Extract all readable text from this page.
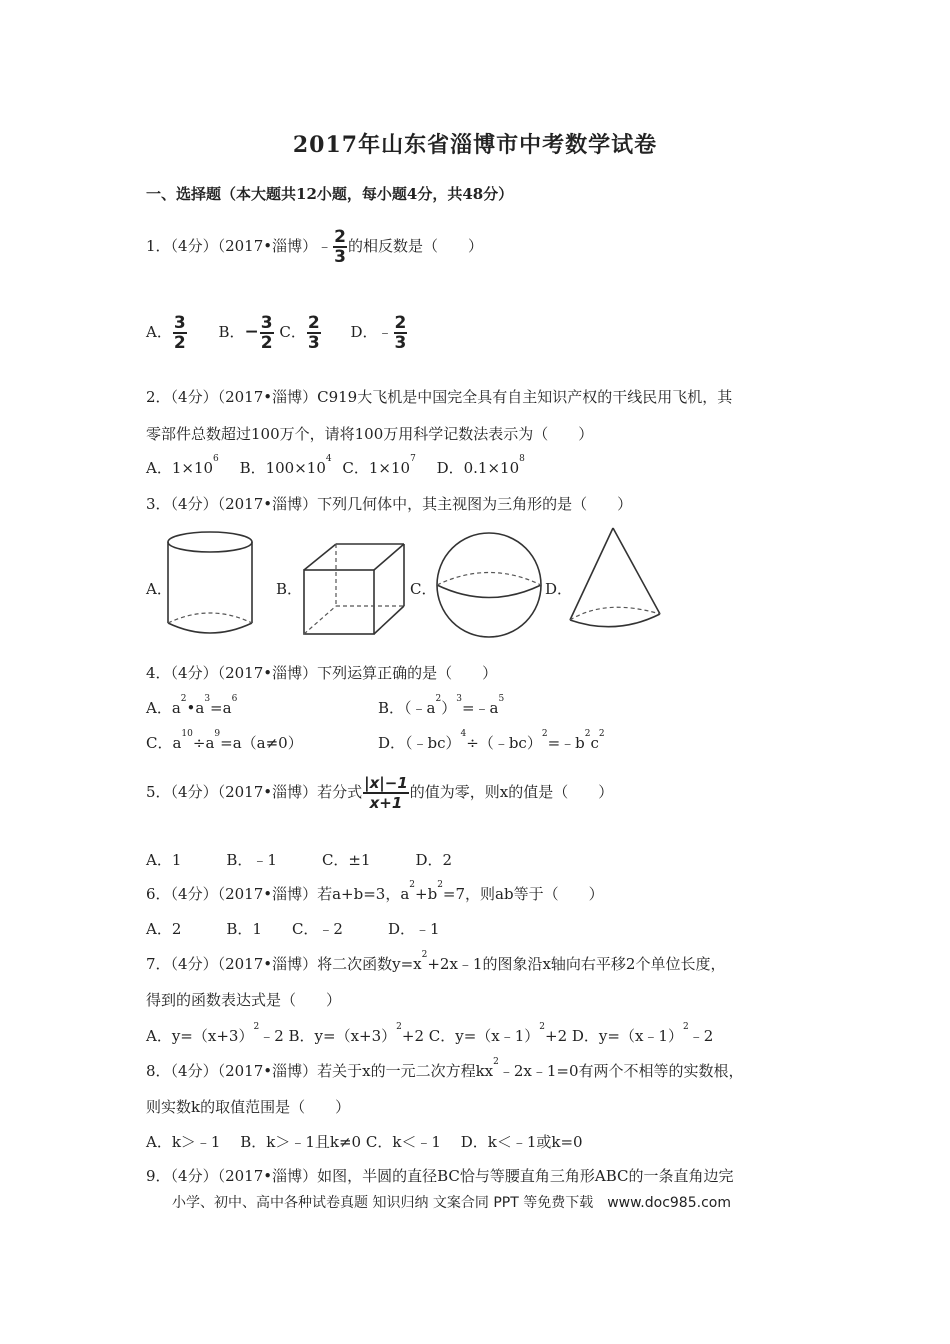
2017年山东省淄博市中考数学试卷
一、选择题（本大题共12小题，每小题4分，共48分）
1．（4分）（2017•淄博）﹣ $\frac{2}{3}$ 的相反数是（　　）
A． $\frac{3}{2}$ B．− $\frac{3}{2}$ C． $\frac{2}{3}$ D．﹣ $\frac{2}{3}$
2．（4分）（2017•淄博）C919大飞机是中国完全具有自主知识产权的干线民用飞机，其
零部件总数超过100万个，请将100万用科学记数法表示为（　　）
A．$1\times 10^6$ B．$100\times 10^4$ C．$1\times 10^7$ D．$0.1\times 10^8$
3．（4分）（2017•淄博）下列几何体中，其主视图为三角形的是（　　）
A．	B．	C．	D．
4．（4分）（2017•淄博）下列运算正确的是（　　）
A．$a^2•a^3=a^6$	B．$(﹣a^2)^3=﹣a^5$
C．$a^{10}\div a^9=a(a\ne 0)$	D．$(﹣bc)^4\div(﹣bc)^2=﹣b^2c^2$
5．（4分）（2017•淄博）若分式 $\frac{|x|-1}{x+1}$ 的值为零，则x的值是（　　）
A．1　　　B．﹣1　　　C．±1　　　D．2
6．（4分）（2017•淄博）若a+b=3，$a^2+b^2=7$，则ab等于（　　）
A．2　　　B．1　　C．﹣2　　　D．﹣1
7．（4分）（2017•淄博）将二次函数$y=x^2+2x﹣1$的图象沿x轴向右平移2个单位长度，
得到的函数表达式是（　　）
A．$y=(x+3)^2﹣2$ B．$y=(x+3)^2+2$ C．y=（x﹣1）$^2$+2 D．y=（x﹣1）$^2$﹣2
8．（4分）（2017•淄博）若关于x的一元二次方程$kx^2﹣2x﹣1=0$有两个不相等的实数根，
则实数k的取值范围是（　　）
A．k＞﹣1　 B．k＞﹣1且k≠0 C．k＜﹣1　 D．k＜﹣1或k=0
9．（4分）（2017•淄博）如图，半圆的直径BC恰与等腰直角三角形ABC的一条直角边完
小学、初中、高中各种试卷真题 知识归纳 文案合同 PPT 等免费下载　www.doc985.com
